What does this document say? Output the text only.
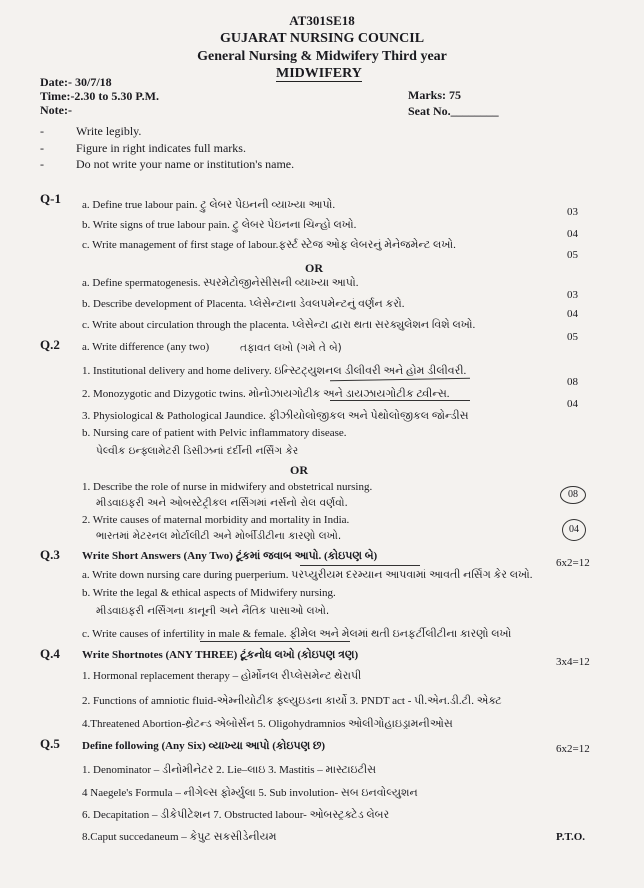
AT301SE18
GUJARAT NURSING COUNCIL
General Nursing & Midwifery Third year
MIDWIFERY
Date:- 30/7/18
Time:-2.30 to 5.30 P.M.
Note:-
Marks: 75
Seat No.________
-	Write legibly.
-	Figure in right indicates full marks.
-	Do not write your name or institution's name.
Q-1 a. Define true labour pain. ટ્રુ લેબર પેઇનની વ્યાખ્યા આપો.
03
b. Write signs of true labour pain. ટ્રુ લેબર પેઇનના ચિન્હો લખો.
04
c. Write management of first stage of labour.ફર્સ્ટ સ્ટેજ ઓફ લેબરનું મેનેજમેન્ટ લખો.
05
OR
a. Define spermatogenesis. સ્પરમેટોજીનેસીસની વ્યાખ્યા આપો.
03
b. Describe development of Placenta. પ્લેસેન્ટાના ડેવલપમેન્ટનું વર્ણન કરો.
04
c. Write about circulation through the placenta. પ્લેસેન્ટા દ્વારા થતા સરક્યુલેશન વિશે લખો.
05
Q.2 a. Write difference (any two)	તફાવત લખો (ગમે તે બે)
1. Institutional delivery and home delivery. ઇન્સ્ટિટ્યુશનલ ડીલીવરી અને હોમ ડીલીવરી.
08
2. Monozygotic and Dizygotic twins. મોનોઝાયગોટીક અને ડાયઝાયગોટીક ટ્વીન્સ.
04
3. Physiological & Pathological Jaundice. ફીઝીયોલોજીકલ અને પેથોલોજીકલ જોન્ડીસ
b. Nursing care of patient with Pelvic inflammatory disease.
પેલ્વીક ઇન્ફ્લામેટરી ડિસીઝનાં દર્દીની નર્સિંગ કેર
OR
1. Describe the role of nurse in midwifery and obstetrical nursing.
મીડવાઇફરી અને ઓબસ્ટેટ્રીકલ નર્સિંગમાં નર્સનો રોલ વર્ણવો.
2. Write causes of maternal morbidity and mortality in India.
ભારતમાં મેટરનલ મોર્ટાલીટી અને મોર્બીડીટીના કારણો લખો.
08
04
Q.3 Write Short Answers (Any Two) ટૂંકમાં જવાબ આપો. (કોઇપણ બે)
6x2=12
a. Write down nursing care during puerperium. પરપ્યુરીયમ દરમ્યાન આપવામાં આવતી નર્સિંગ કેર લખો.
b. Write the legal & ethical aspects of Midwifery nursing.
મીડવાઇફરી નર્સિંગના કાનૂની અને નૈતિક પાસાઓ લખો.
c. Write causes of infertility in male & female. ફીમેલ અને મેલમાં થતી ઇનફર્ટીલીટીના કારણો લખો
Q.4 Write Shortnotes (ANY THREE) ટૂંકનોધ લખો (કોઇપણ ત્રણ)
3x4=12
1. Hormonal replacement therapy – હોર્મોનલ રીપ્લેસમેન્ટ થેરાપી
2. Functions of amniotic fluid-એમ્નીયોટીક ફ્લ્યુઇડના કાર્યો 3. PNDT act - પી.એન.ડી.ટી. એક્ટ
4.Threatened Abortion-થ્રેટન્ડ એબોર્સન 5. Oligohydramnios ઓલીગોહાઇડ્રામનીઓસ
Q.5 Define following (Any Six) વ્યાખ્યા આપો (કોઇપણ છ)	6x2=12
1. Denominator – ડીનોમીનેટર 2. Lie–લાઇ 3. Mastitis – માસ્ટાઇટીસ
4 Naegele's Formula – નીગેલ્સ ફોર્મ્યુલા 5. Sub involution- સબ ઇનવોલ્યુશન
6. Decapitation – ડીકેપીટેશન 7. Obstructed labour- ઓબસ્ટ્રક્ટેડ લેબર
8.Caput succedaneum – કેપુટ સકસીડેનીયમ	P.T.O.
